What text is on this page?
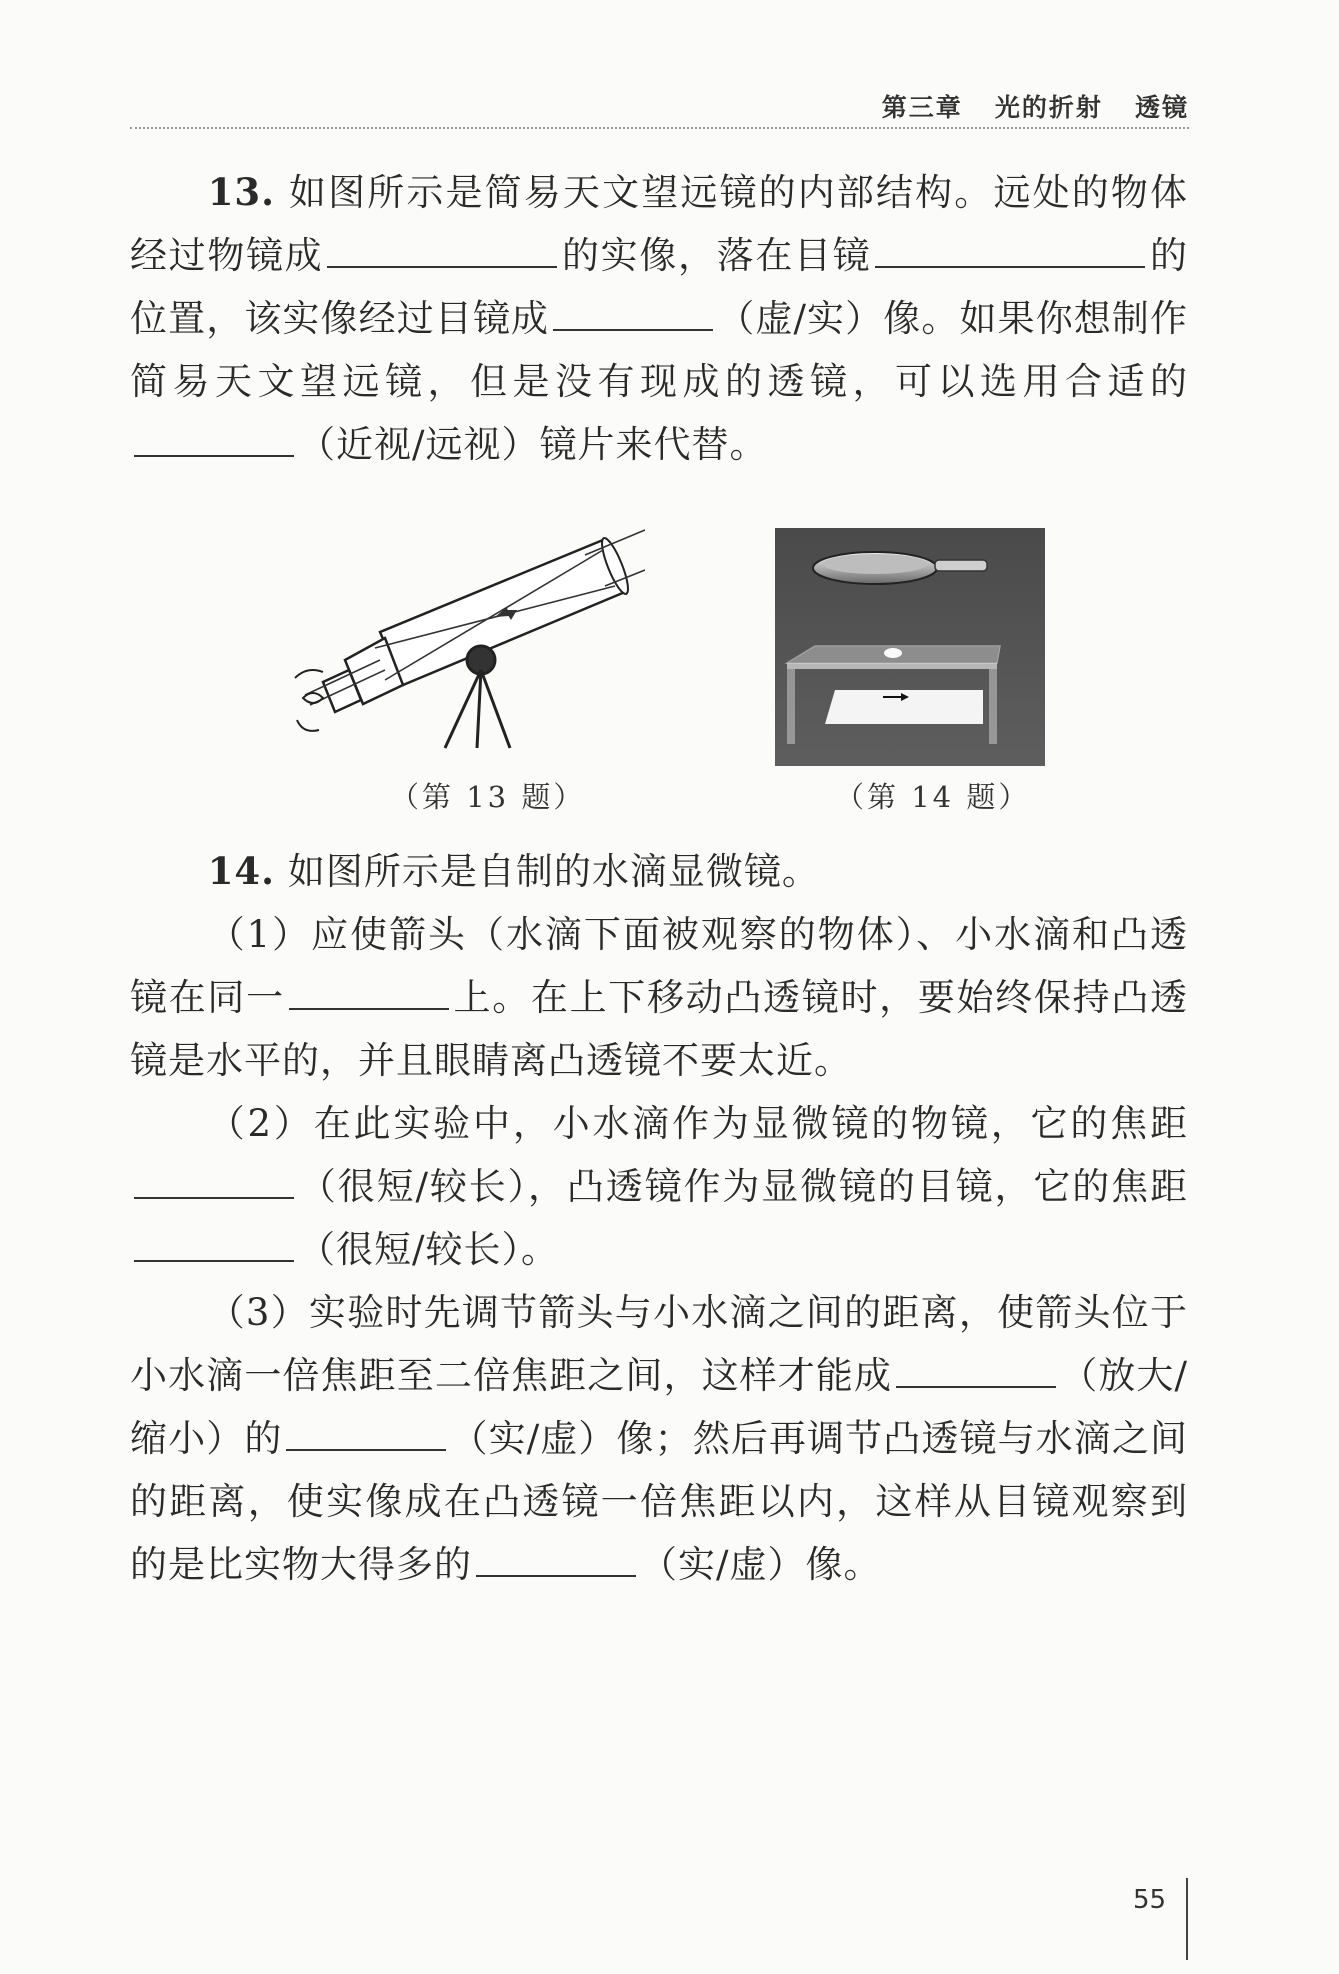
第三章   光的折射   透镜

13. 如图所示是简易天文望远镜的内部结构。远处的物体经过物镜成	的实像，落在目镜	的位置，该实像经过目镜成	（虚/实）像。如果你想制作简易天文望远镜，但是没有现成的透镜，可以选用合适的（近视/远视）镜片来代替。

（第 13 题）	（第 14 题）

14. 如图所示是自制的水滴显微镜。

（1）应使箭头（水滴下面被观察的物体）、小水滴和凸透镜在同一	上。在上下移动凸透镜时，要始终保持凸透镜是水平的，并且眼睛离凸透镜不要太近。

（2）在此实验中，小水滴作为显微镜的物镜，它的焦距（很短/较长），凸透镜作为显微镜的目镜，它的焦距（很短/较长）。

（3）实验时先调节箭头与小水滴之间的距离，使箭头位于小水滴一倍焦距至二倍焦距之间，这样才能成	（放大/缩小）的	（实/虚）像；然后再调节凸透镜与水滴之间的距离，使实像成在凸透镜一倍焦距以内，这样从目镜观察到的是比实物大得多的	（实/虚）像。

55
